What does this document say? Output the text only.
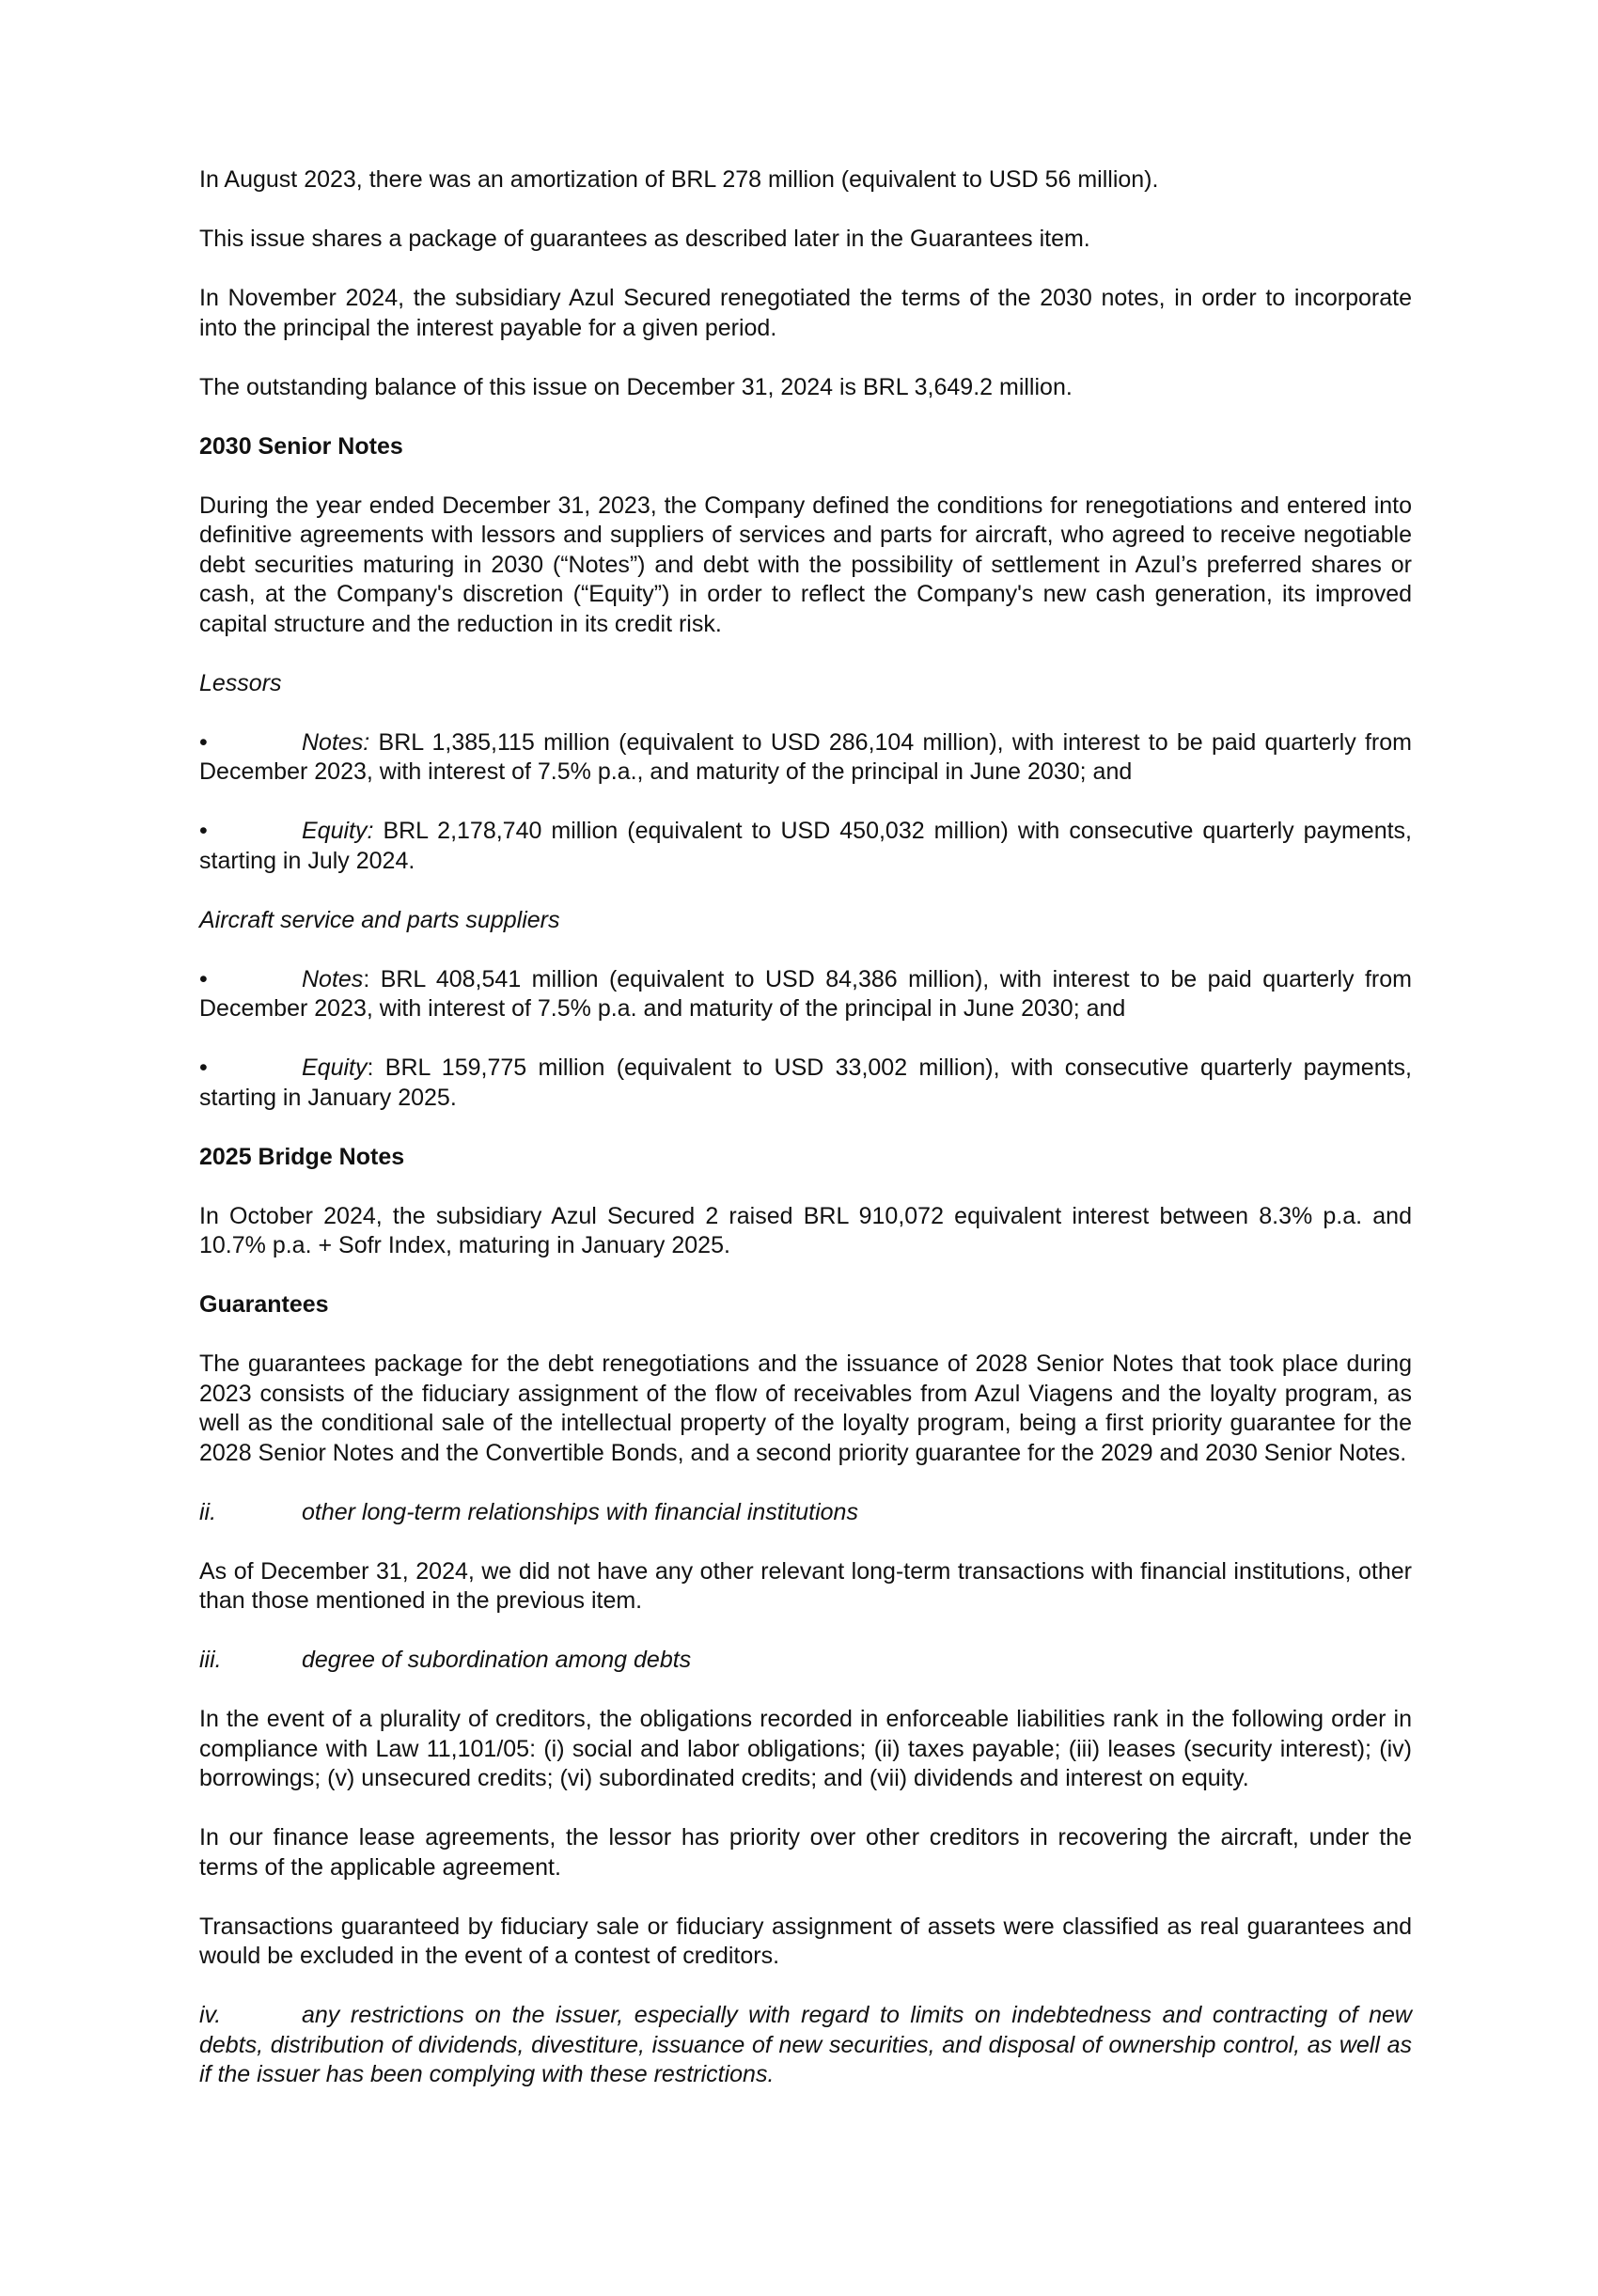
In August 2023, there was an amortization of BRL 278 million (equivalent to USD 56 million).

This issue shares a package of guarantees as described later in the Guarantees item.

In November 2024, the subsidiary Azul Secured renegotiated the terms of the 2030 notes, in order to incorporate into the principal the interest payable for a given period.

The outstanding balance of this issue on December 31, 2024 is BRL 3,649.2 million.

2030 Senior Notes

During the year ended December 31, 2023, the Company defined the conditions for renegotiations and entered into definitive agreements with lessors and suppliers of services and parts for aircraft, who agreed to receive negotiable debt securities maturing in 2030 (“Notes”) and debt with the possibility of settlement in Azul’s preferred shares or cash, at the Company's discretion (“Equity”) in order to reflect the Company's new cash generation, its improved capital structure and the reduction in its credit risk.

Lessors

•	Notes: BRL 1,385,115 million (equivalent to USD 286,104 million), with interest to be paid quarterly from December 2023, with interest of 7.5% p.a., and maturity of the principal in June 2030; and

•	Equity: BRL 2,178,740 million (equivalent to USD 450,032 million) with consecutive quarterly payments, starting in July 2024.

Aircraft service and parts suppliers

•	Notes: BRL 408,541 million (equivalent to USD 84,386 million), with interest to be paid quarterly from December 2023, with interest of 7.5% p.a. and maturity of the principal in June 2030; and

•	Equity: BRL 159,775 million (equivalent to USD 33,002 million), with consecutive quarterly payments, starting in January 2025.

2025 Bridge Notes

In October 2024, the subsidiary Azul Secured 2 raised BRL 910,072 equivalent interest between 8.3% p.a. and 10.7% p.a. + Sofr Index, maturing in January 2025.

Guarantees

The guarantees package for the debt renegotiations and the issuance of 2028 Senior Notes that took place during 2023 consists of the fiduciary assignment of the flow of receivables from Azul Viagens and the loyalty program, as well as the conditional sale of the intellectual property of the loyalty program, being a first priority guarantee for the 2028 Senior Notes and the Convertible Bonds, and a second priority guarantee for the 2029 and 2030 Senior Notes.

ii.	other long-term relationships with financial institutions

As of December 31, 2024, we did not have any other relevant long-term transactions with financial institutions, other than those mentioned in the previous item.

iii.	degree of subordination among debts

In the event of a plurality of creditors, the obligations recorded in enforceable liabilities rank in the following order in compliance with Law 11,101/05: (i) social and labor obligations; (ii) taxes payable; (iii) leases (security interest); (iv) borrowings; (v) unsecured credits; (vi) subordinated credits; and (vii) dividends and interest on equity.

In our finance lease agreements, the lessor has priority over other creditors in recovering the aircraft, under the terms of the applicable agreement.

Transactions guaranteed by fiduciary sale or fiduciary assignment of assets were classified as real guarantees and would be excluded in the event of a contest of creditors.

iv.	any restrictions on the issuer, especially with regard to limits on indebtedness and contracting of new debts, distribution of dividends, divestiture, issuance of new securities, and disposal of ownership control, as well as if the issuer has been complying with these restrictions.
